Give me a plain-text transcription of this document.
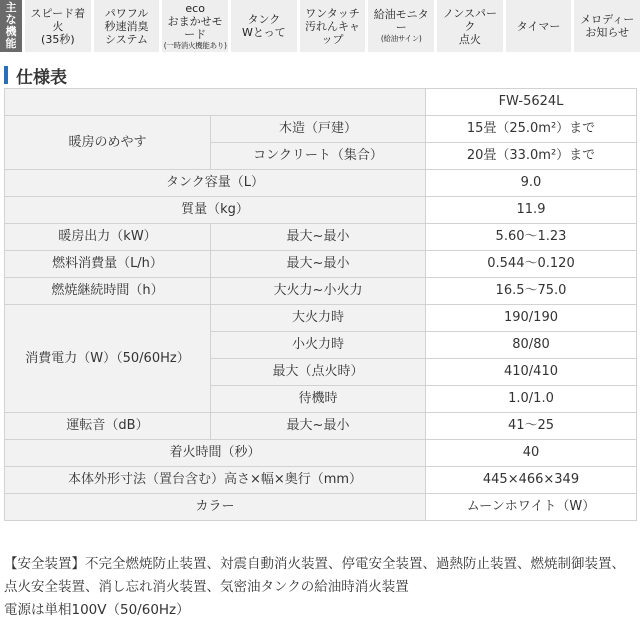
主な機能
スピード着火
(35秒)
パワフル
秒速消臭
システム
eco
おまかせモード
(一時消火機能あり)
タンク
Wとって
ワンタッチ
汚れんキャップ
給油モニター
(給油サイン)
ノンスパーク
点火
タイマー メロディー
お知らせ
仕様表
		FW-5624L
暖房のめやす	木造（戸建）	15畳（25.0m²）まで
	コンクリート（集合）	20畳（33.0m²）まで
タンク容量（L）		9.0
質量（kg）		11.9
暖房出力（kW）	最大~最小	5.60～1.23
燃料消費量（L/h）	最大~最小	0.544～0.120
燃焼継続時間（h）	大火力~小火力	16.5～75.0
消費電力（W）（50/60Hz）	大火力時	190/190
	小火力時	80/80
	最大（点火時）	410/410
	待機時	1.0/1.0
運転音（dB）	最大~最小	41～25
着火時間（秒）		40
本体外形寸法（置台含む）高さ×幅×奥行（mm）		445×466×349
カラー		ムーンホワイト（W）

【安全装置】不完全燃焼防止装置、対震自動消火装置、停電安全装置、過熱防止装置、燃焼制御装置、点火安全装置、消し忘れ消火装置、気密油タンクの給油時消火装置

電源は単相100V（50/60Hz）
